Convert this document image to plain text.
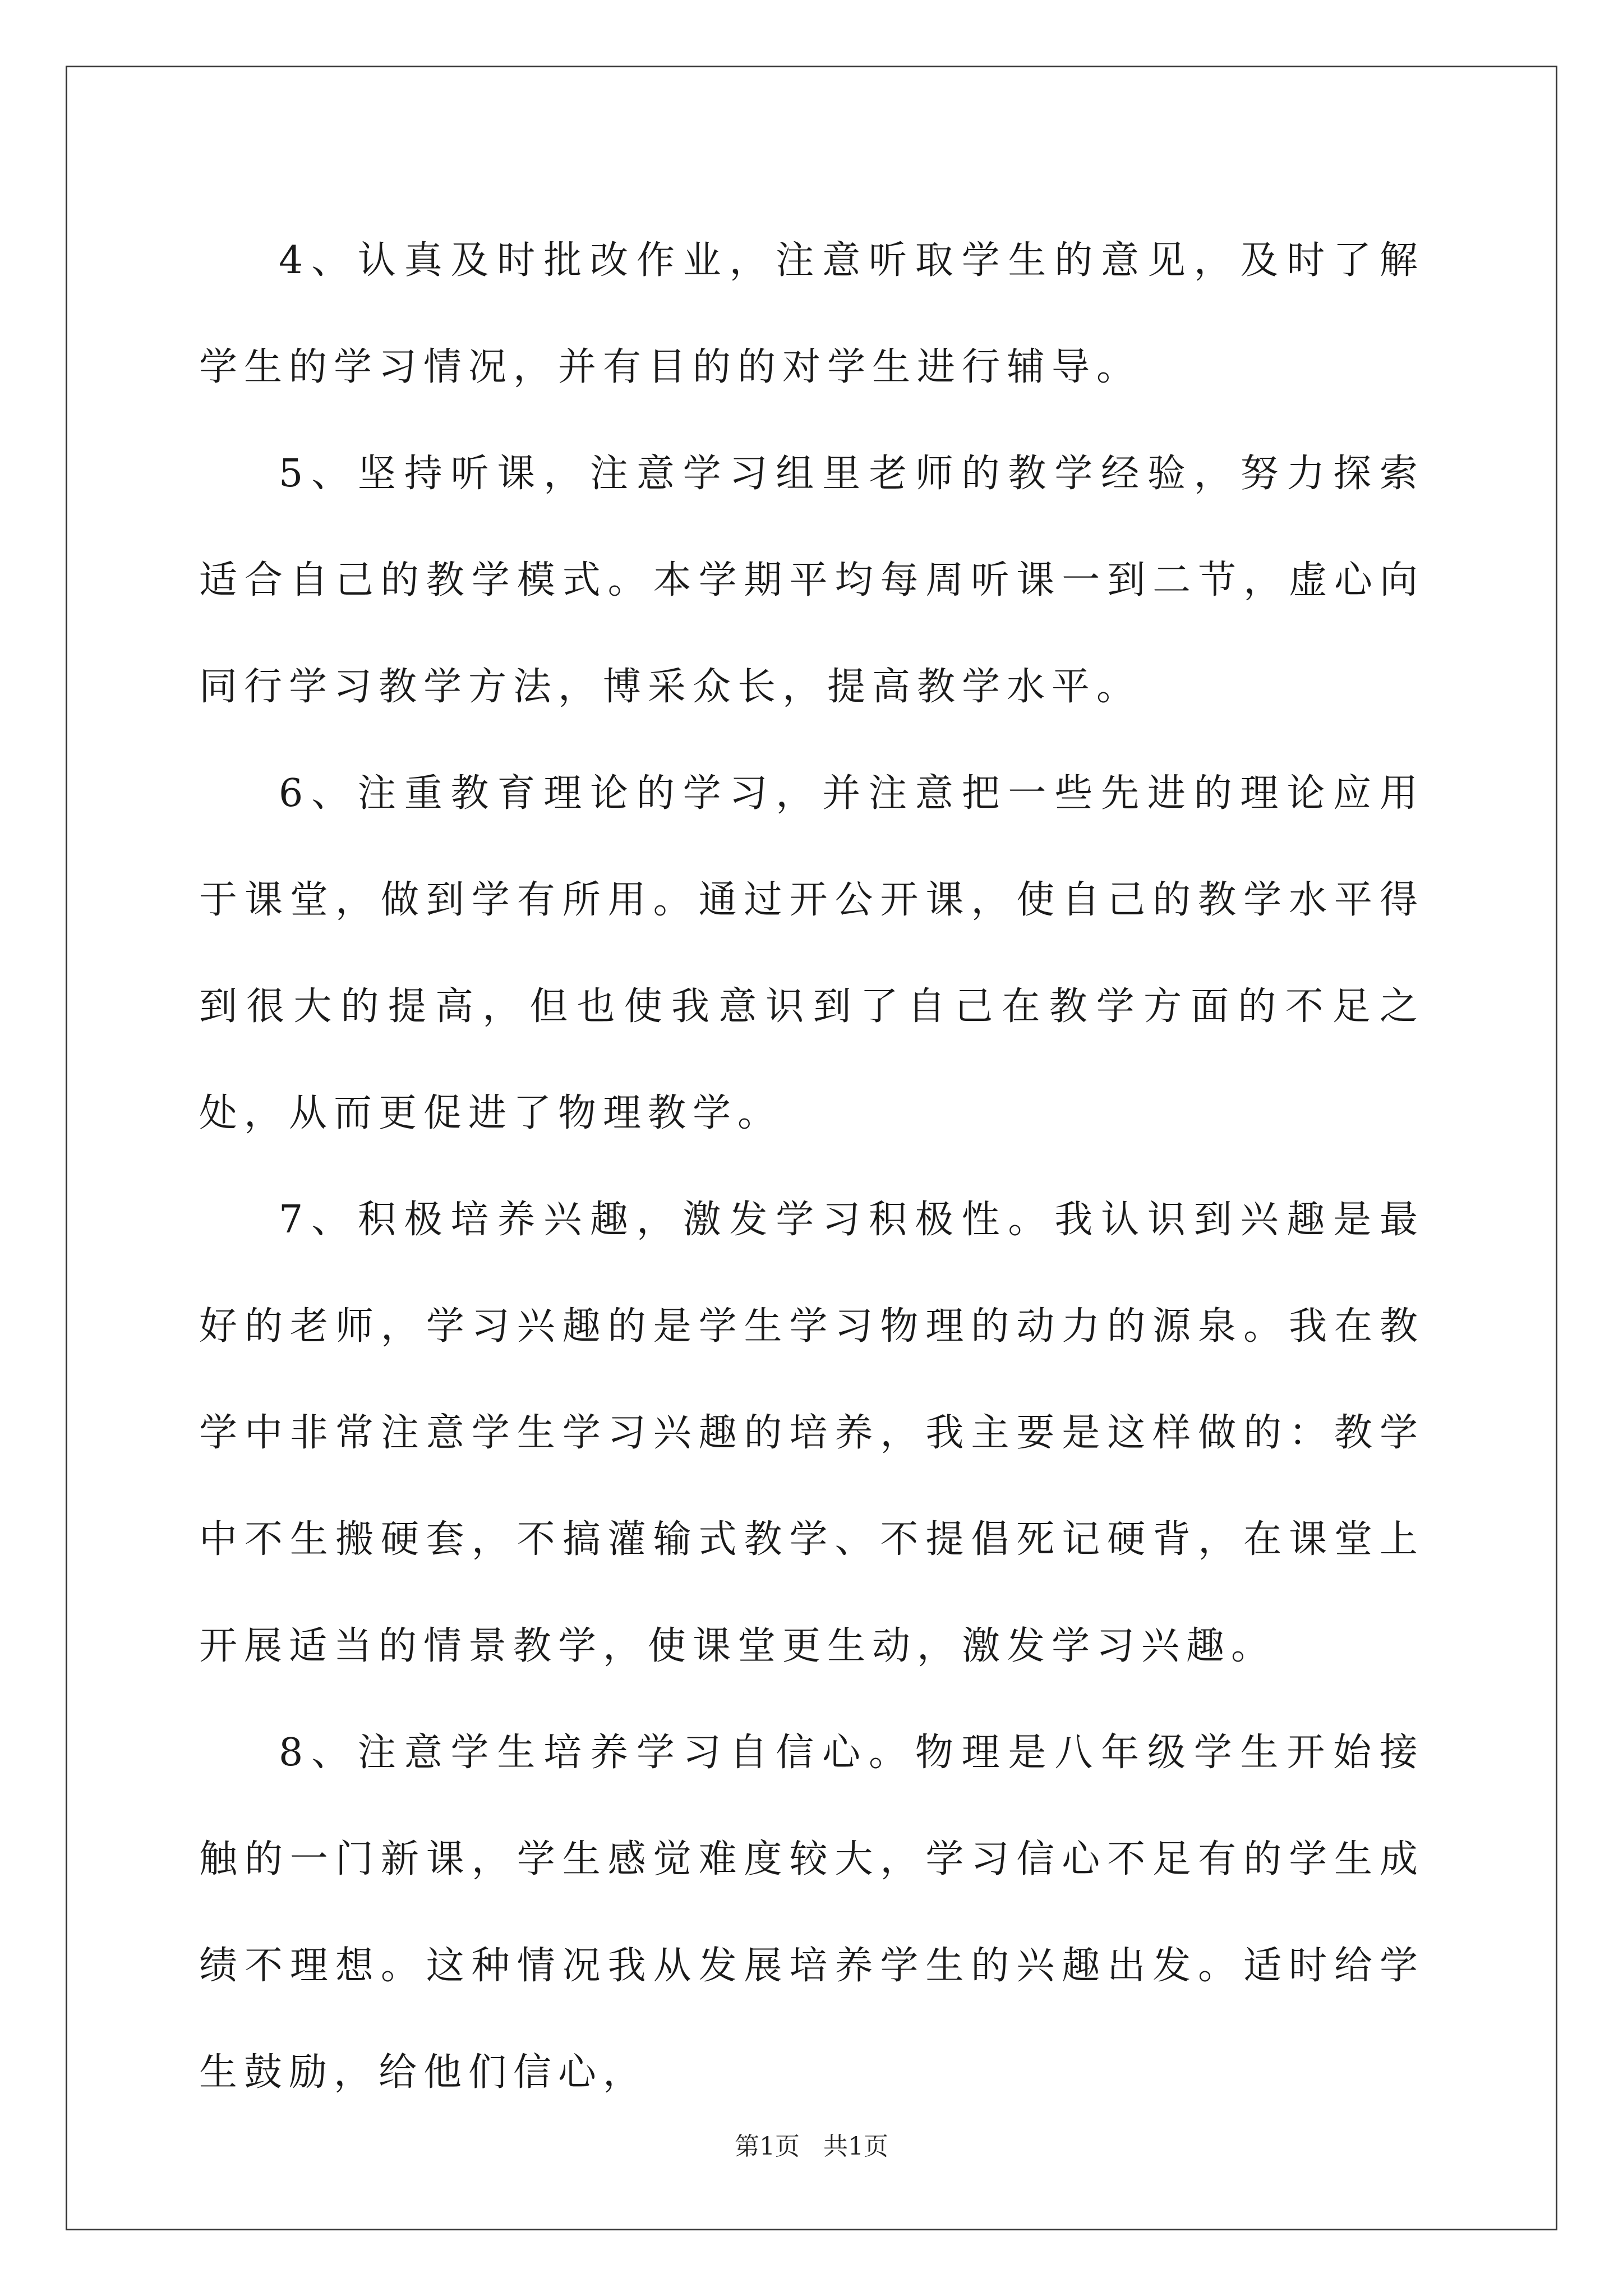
4、认真及时批改作业，注意听取学生的意见，及时了解学生的学习情况，并有目的的对学生进行辅导。

5、坚持听课，注意学习组里老师的教学经验，努力探索适合自己的教学模式。本学期平均每周听课一到二节，虚心向同行学习教学方法，博采众长，提高教学水平。

6、注重教育理论的学习，并注意把一些先进的理论应用于课堂，做到学有所用。通过开公开课，使自己的教学水平得到很大的提高，但也使我意识到了自己在教学方面的不足之处，从而更促进了物理教学。

7、积极培养兴趣，激发学习积极性。我认识到兴趣是最好的老师，学习兴趣的是学生学习物理的动力的源泉。我在教学中非常注意学生学习兴趣的培养，我主要是这样做的：教学中不生搬硬套，不搞灌输式教学、不提倡死记硬背，在课堂上开展适当的情景教学，使课堂更生动，激发学习兴趣。

8、注意学生培养学习自信心。物理是八年级学生开始接触的一门新课，学生感觉难度较大，学习信心不足有的学生成绩不理想。这种情况我从发展培养学生的兴趣出发。适时给学生鼓励，给他们信心，

第1页   共1页
